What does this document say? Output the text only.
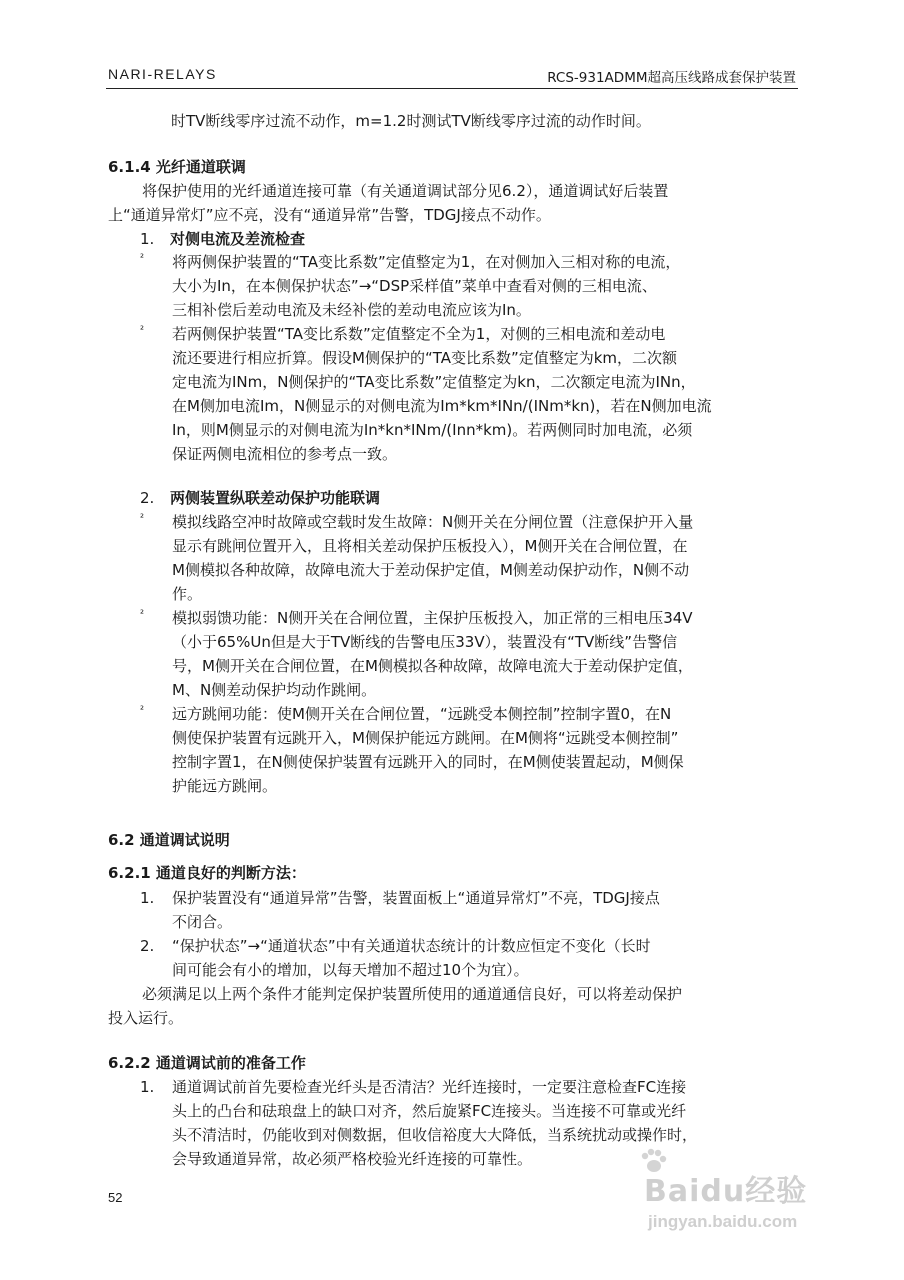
NARI-RELAYS	RCS-931ADMM超高压线路成套保护装置
时TV断线零序过流不动作，m=1.2时测试TV断线零序过流的动作时间。
6.1.4 光纤通道联调
将保护使用的光纤通道连接可靠（有关通道调试部分见6.2），通道调试好后装置
上“通道异常灯”应不亮，没有“通道异常”告警，TDGJ接点不动作。
1. 对侧电流及差流检查
² 将两侧保护装置的“TA变比系数”定值整定为1，在对侧加入三相对称的电流，
大小为In，在本侧保护状态”→“DSP采样值”菜单中查看对侧的三相电流、
三相补偿后差动电流及未经补偿的差动电流应该为In。
² 若两侧保护装置“TA变比系数”定值整定不全为1，对侧的三相电流和差动电
流还要进行相应折算。假设M侧保护的“TA变比系数”定值整定为km，二次额
定电流为INm，N侧保护的“TA变比系数”定值整定为kn，二次额定电流为INn，
在M侧加电流Im，N侧显示的对侧电流为Im*km*INn/(INm*kn)，若在N侧加电流
In，则M侧显示的对侧电流为In*kn*INm/(Inn*km)。若两侧同时加电流，必须
保证两侧电流相位的参考点一致。
2. 两侧装置纵联差动保护功能联调
² 模拟线路空冲时故障或空载时发生故障：N侧开关在分闸位置（注意保护开入量
显示有跳闸位置开入，且将相关差动保护压板投入），M侧开关在合闸位置，在
M侧模拟各种故障，故障电流大于差动保护定值，M侧差动保护动作，N侧不动
作。
² 模拟弱馈功能：N侧开关在合闸位置，主保护压板投入，加正常的三相电压34V
（小于65%Un但是大于TV断线的告警电压33V），装置没有“TV断线”告警信
号，M侧开关在合闸位置，在M侧模拟各种故障，故障电流大于差动保护定值，
M、N侧差动保护均动作跳闸。
² 远方跳闸功能：使M侧开关在合闸位置，“远跳受本侧控制”控制字置0，在N
侧使保护装置有远跳开入，M侧保护能远方跳闸。在M侧将“远跳受本侧控制”
控制字置1，在N侧使保护装置有远跳开入的同时，在M侧使装置起动，M侧保
护能远方跳闸。
6.2 通道调试说明
6.2.1 通道良好的判断方法：
1. 保护装置没有“通道异常”告警，装置面板上“通道异常灯”不亮，TDGJ接点
不闭合。
2. “保护状态”→“通道状态”中有关通道状态统计的计数应恒定不变化（长时
间可能会有小的增加，以每天增加不超过10个为宜）。
必须满足以上两个条件才能判定保护装置所使用的通道通信良好，可以将差动保护
投入运行。
6.2.2 通道调试前的准备工作
1. 通道调试前首先要检查光纤头是否清洁？光纤连接时，一定要注意检查FC连接
头上的凸台和砝琅盘上的缺口对齐，然后旋紧FC连接头。当连接不可靠或光纤
头不清洁时，仍能收到对侧数据，但收信裕度大大降低，当系统扰动或操作时，
会导致通道异常，故必须严格校验光纤连接的可靠性。
52	Baidu经验
jingyan.baidu.com
